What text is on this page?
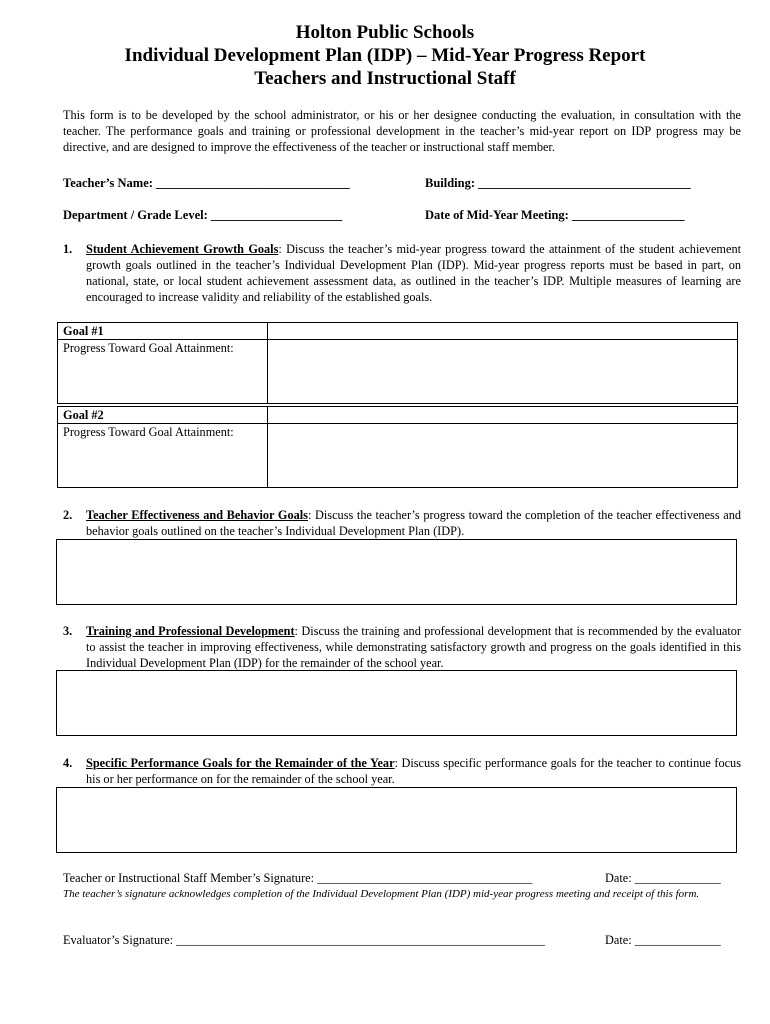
Holton Public Schools
Individual Development Plan (IDP) – Mid-Year Progress Report
Teachers and Instructional Staff
This form is to be developed by the school administrator, or his or her designee conducting the evaluation, in consultation with the teacher. The performance goals and training or professional development in the teacher’s mid-year report on IDP progress may be directive, and are designed to improve the effectiveness of the teacher or instructional staff member.
Teacher’s Name: _______________________________	Building: __________________________________
Department / Grade Level: _____________________	Date of Mid-Year Meeting: __________________
1. Student Achievement Growth Goals: Discuss the teacher’s mid-year progress toward the attainment of the student achievement growth goals outlined in the teacher’s Individual Development Plan (IDP). Mid-year progress reports must be based in part, on national, state, or local student achievement assessment data, as outlined in the teacher’s IDP. Multiple measures of learning are encouraged to increase validity and reliability of the established goals.
Goal #1
Progress Toward Goal Attainment:
Goal #2
Progress Toward Goal Attainment:
2. Teacher Effectiveness and Behavior Goals: Discuss the teacher’s progress toward the completion of the teacher effectiveness and behavior goals outlined on the teacher’s Individual Development Plan (IDP).
3. Training and Professional Development: Discuss the training and professional development that is recommended by the evaluator to assist the teacher in improving effectiveness, while demonstrating satisfactory growth and progress on the goals identified in this Individual Development Plan (IDP) for the remainder of the school year.
4. Specific Performance Goals for the Remainder of the Year: Discuss specific performance goals for the teacher to continue focus his or her performance on for the remainder of the school year.
Teacher or Instructional Staff Member’s Signature: ___________________________________	Date: ______________
The teacher’s signature acknowledges completion of the Individual Development Plan (IDP) mid-year progress meeting and receipt of this form.
Evaluator’s Signature: ____________________________________________________________	Date: ______________
